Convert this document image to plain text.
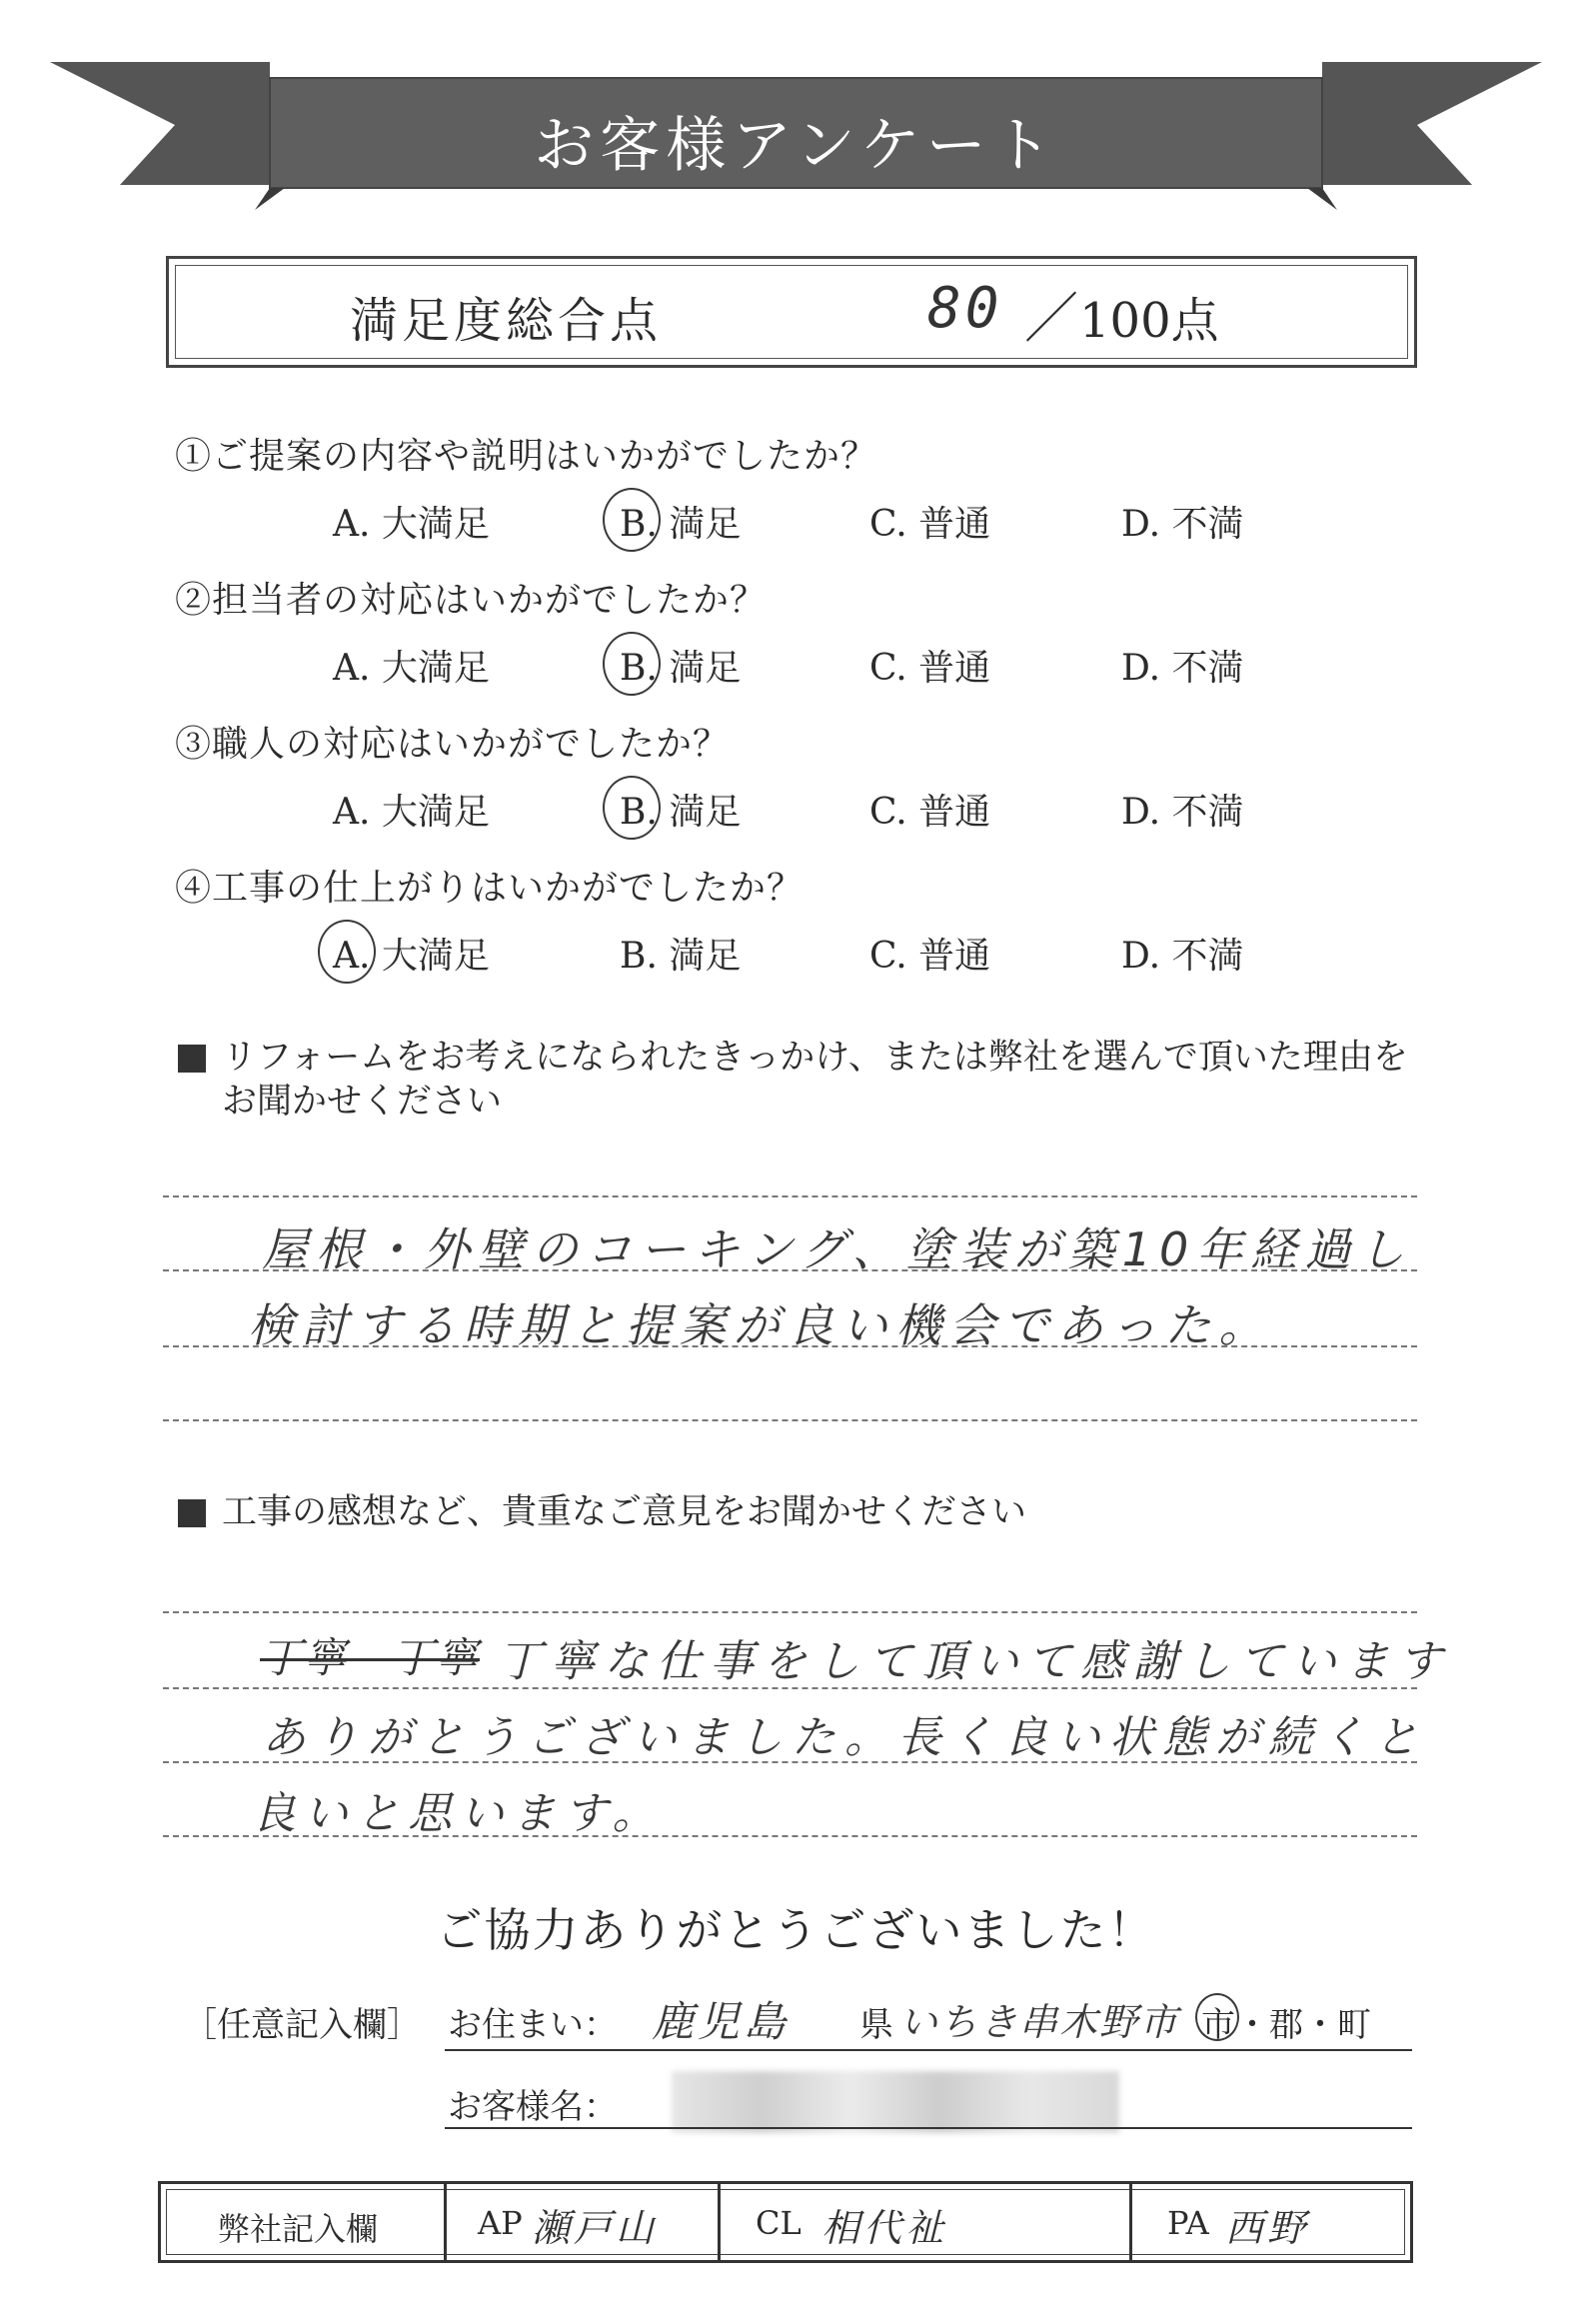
お客様アンケート
満足度総合点	80 ／ 100点
①ご提案の内容や説明はいかがでしたか？
A. 大満足	B. 満足	C. 普通	D. 不満
②担当者の対応はいかがでしたか？
A. 大満足	B. 満足	C. 普通	D. 不満
③職人の対応はいかがでしたか？
A. 大満足	B. 満足	C. 普通	D. 不満
④工事の仕上がりはいかがでしたか？
A. 大満足	B. 満足	C. 普通	D. 不満
リフォームをお考えになられたきっかけ、または弊社を選んで頂いた理由を
お聞かせください
屋根・外壁のコーキング、塗装が築10年経過し
検討する時期と提案が良い機会であった。
工事の感想など、貴重なご意見をお聞かせください
丁寧　丁寧 丁寧な仕事をして頂いて感謝しています
ありがとうございました。長く良い状態が続くと
良いと思います。
ご協力ありがとうございました！
［任意記入欄］ お住まい： 鹿児島 県 いちき串木野市 市・郡・町
お客様名：
弊社記入欄	AP 瀬戸山	CL 相代祉	PA 西野
